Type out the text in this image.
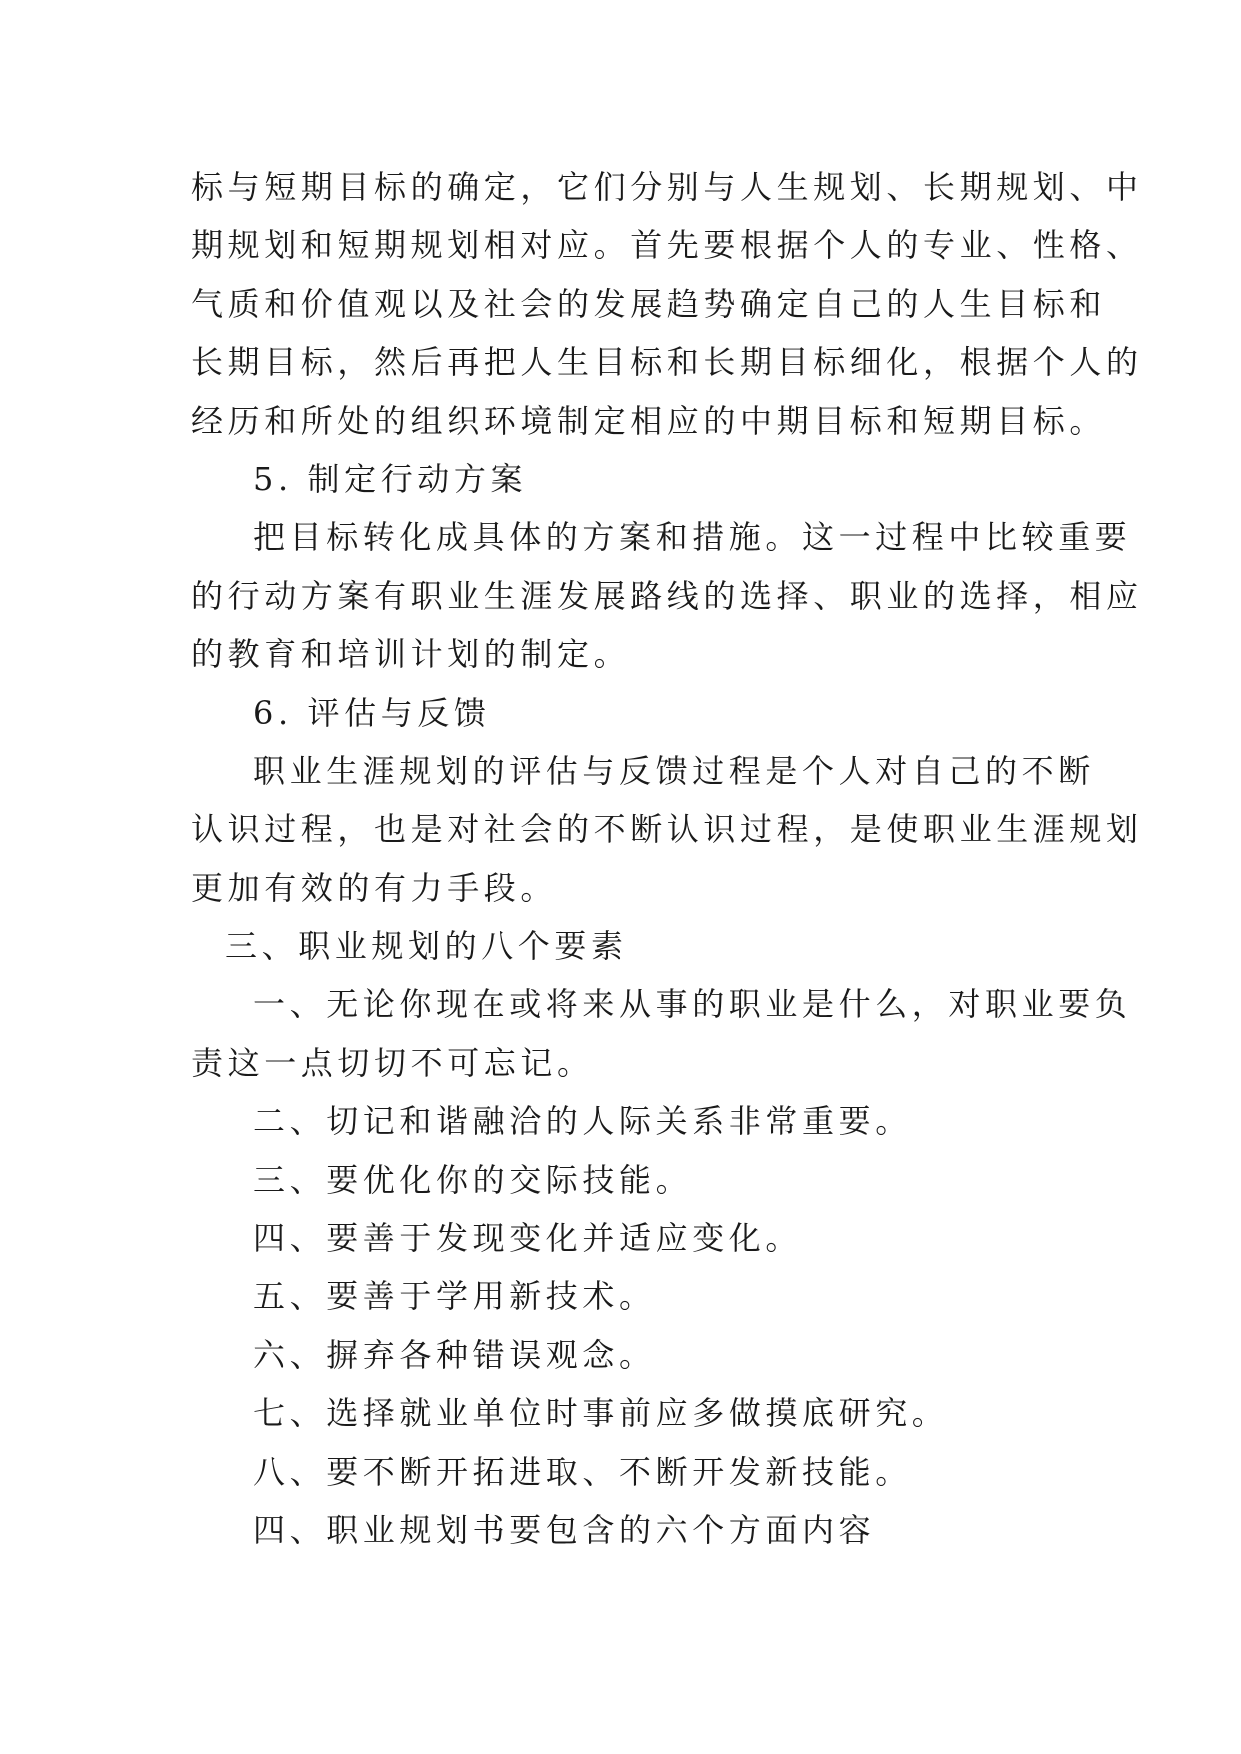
标与短期目标的确定，它们分别与人生规划、长期规划、中
期规划和短期规划相对应。首先要根据个人的专业、性格、
气质和价值观以及社会的发展趋势确定自己的人生目标和
长期目标，然后再把人生目标和长期目标细化，根据个人的
经历和所处的组织环境制定相应的中期目标和短期目标。
5. 制定行动方案
把目标转化成具体的方案和措施。这一过程中比较重要
的行动方案有职业生涯发展路线的选择、职业的选择，相应
的教育和培训计划的制定。
6. 评估与反馈
职业生涯规划的评估与反馈过程是个人对自己的不断
认识过程，也是对社会的不断认识过程，是使职业生涯规划
更加有效的有力手段。
三、职业规划的八个要素
一、无论你现在或将来从事的职业是什么，对职业要负
责这一点切切不可忘记。
二、切记和谐融洽的人际关系非常重要。
三、要优化你的交际技能。
四、要善于发现变化并适应变化。
五、要善于学用新技术。
六、摒弃各种错误观念。
七、选择就业单位时事前应多做摸底研究。
八、要不断开拓进取、不断开发新技能。
四、职业规划书要包含的六个方面内容
